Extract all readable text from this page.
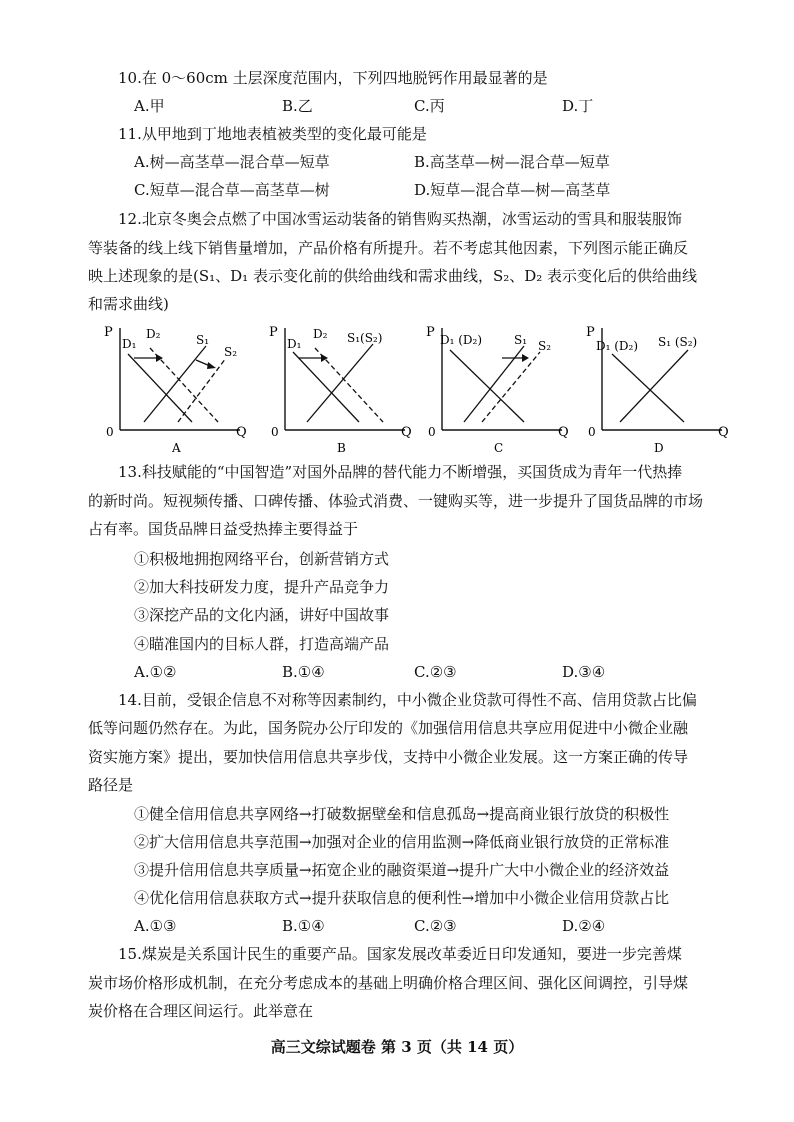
10.在 0～60cm 土层深度范围内，下列四地脱钙作用最显著的是
A.甲	B.乙	C.丙	D.丁
11.从甲地到丁地地表植被类型的变化最可能是
A.树—高茎草—混合草—短草	B.高茎草—树—混合草—短草
C.短草—混合草—高茎草—树	D.短草—混合草—树—高茎草
12.北京冬奥会点燃了中国冰雪运动装备的销售购买热潮，冰雪运动的雪具和服装服饰
等装备的线上线下销售量增加，产品价格有所提升。若不考虑其他因素，下列图示能正确反
映上述现象的是(S₁、D₁ 表示变化前的供给曲线和需求曲线，S₂、D₂ 表示变化后的供给曲线
和需求曲线)
P
Q
0
D₁
D₂	S₁
S₂
A
P
Q
0
D₁
D₂ S₁(S₂)
B
P
Q
0
D₁ (D₂)	S₁ S₂
C
P
Q
0
D₁ (D₂) S₁ (S₂)
D
13.科技赋能的“中国智造”对国外品牌的替代能力不断增强，买国货成为青年一代热捧
的新时尚。短视频传播、口碑传播、体验式消费、一键购买等，进一步提升了国货品牌的市场
占有率。国货品牌日益受热捧主要得益于
①积极地拥抱网络平台，创新营销方式
②加大科技研发力度，提升产品竞争力
③深挖产品的文化内涵，讲好中国故事
④瞄准国内的目标人群，打造高端产品
A.①②	B.①④	C.②③	D.③④
14.目前，受银企信息不对称等因素制约，中小微企业贷款可得性不高、信用贷款占比偏
低等问题仍然存在。为此，国务院办公厅印发的《加强信用信息共享应用促进中小微企业融
资实施方案》提出，要加快信用信息共享步伐，支持中小微企业发展。这一方案正确的传导
路径是
①健全信用信息共享网络→打破数据壁垒和信息孤岛→提高商业银行放贷的积极性
②扩大信用信息共享范围→加强对企业的信用监测→降低商业银行放贷的正常标准
③提升信用信息共享质量→拓宽企业的融资渠道→提升广大中小微企业的经济效益
④优化信用信息获取方式→提升获取信息的便利性→增加中小微企业信用贷款占比
A.①③	B.①④	C.②③	D.②④
15.煤炭是关系国计民生的重要产品。国家发展改革委近日印发通知，要进一步完善煤
炭市场价格形成机制，在充分考虑成本的基础上明确价格合理区间、强化区间调控，引导煤
炭价格在合理区间运行。此举意在
高三文综试题卷 第 3 页（共 14 页）
